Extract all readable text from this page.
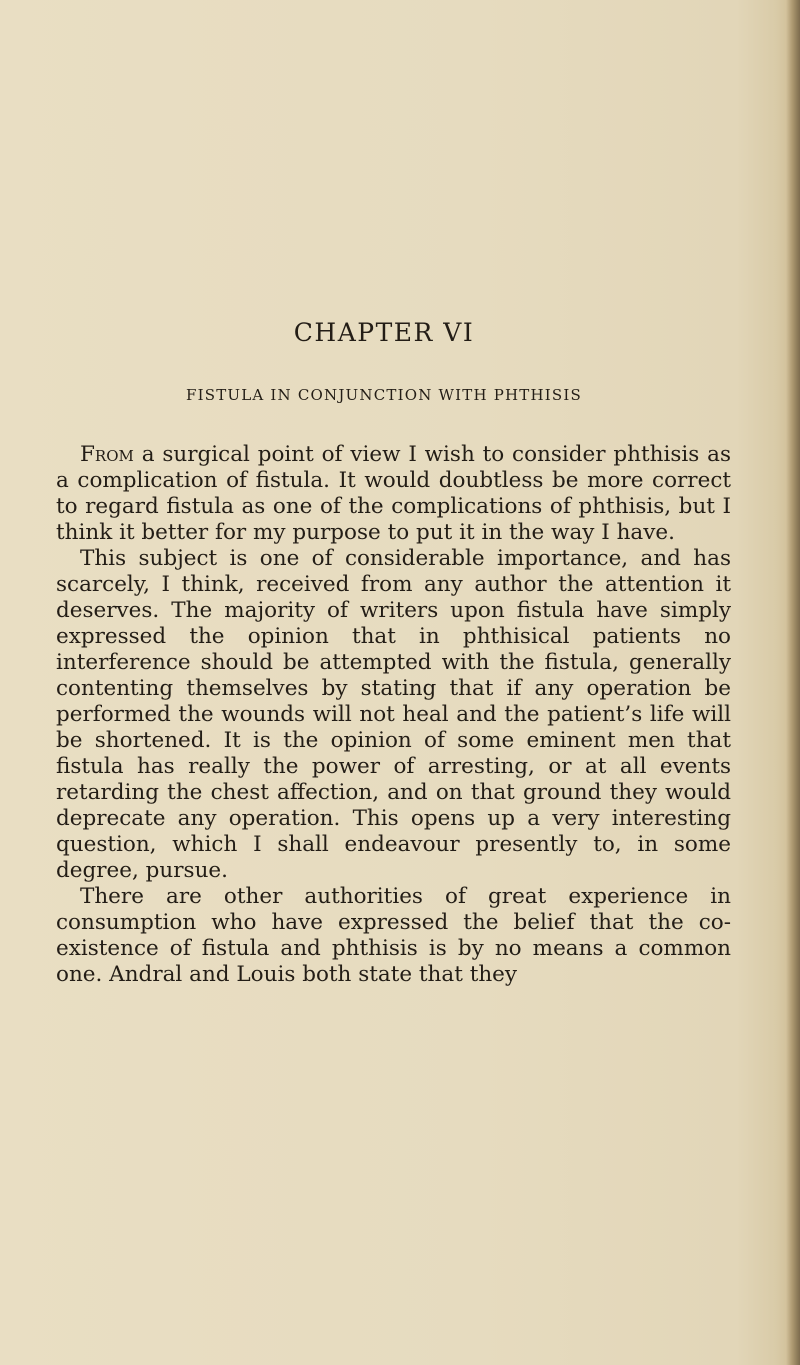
CHAPTER VI
FISTULA IN CONJUNCTION WITH PHTHISIS

From a surgical point of view I wish to consider phthisis as a complication of fistula. It would doubtless be more correct to regard fistula as one of the complications of phthisis, but I think it better for my purpose to put it in the way I have.

This subject is one of considerable importance, and has scarcely, I think, received from any author the attention it deserves. The majority of writers upon fistula have simply expressed the opinion that in phthisical patients no interference should be attempted with the fistula, generally contenting themselves by stating that if any operation be performed the wounds will not heal and the patient’s life will be shortened. It is the opinion of some eminent men that fistula has really the power of arresting, or at all events retarding the chest affection, and on that ground they would deprecate any operation. This opens up a very interesting question, which I shall endeavour presently to, in some degree, pursue.

There are other authorities of great experience in consumption who have expressed the belief that the co-existence of fistula and phthisis is by no means a common one. Andral and Louis both state that they
